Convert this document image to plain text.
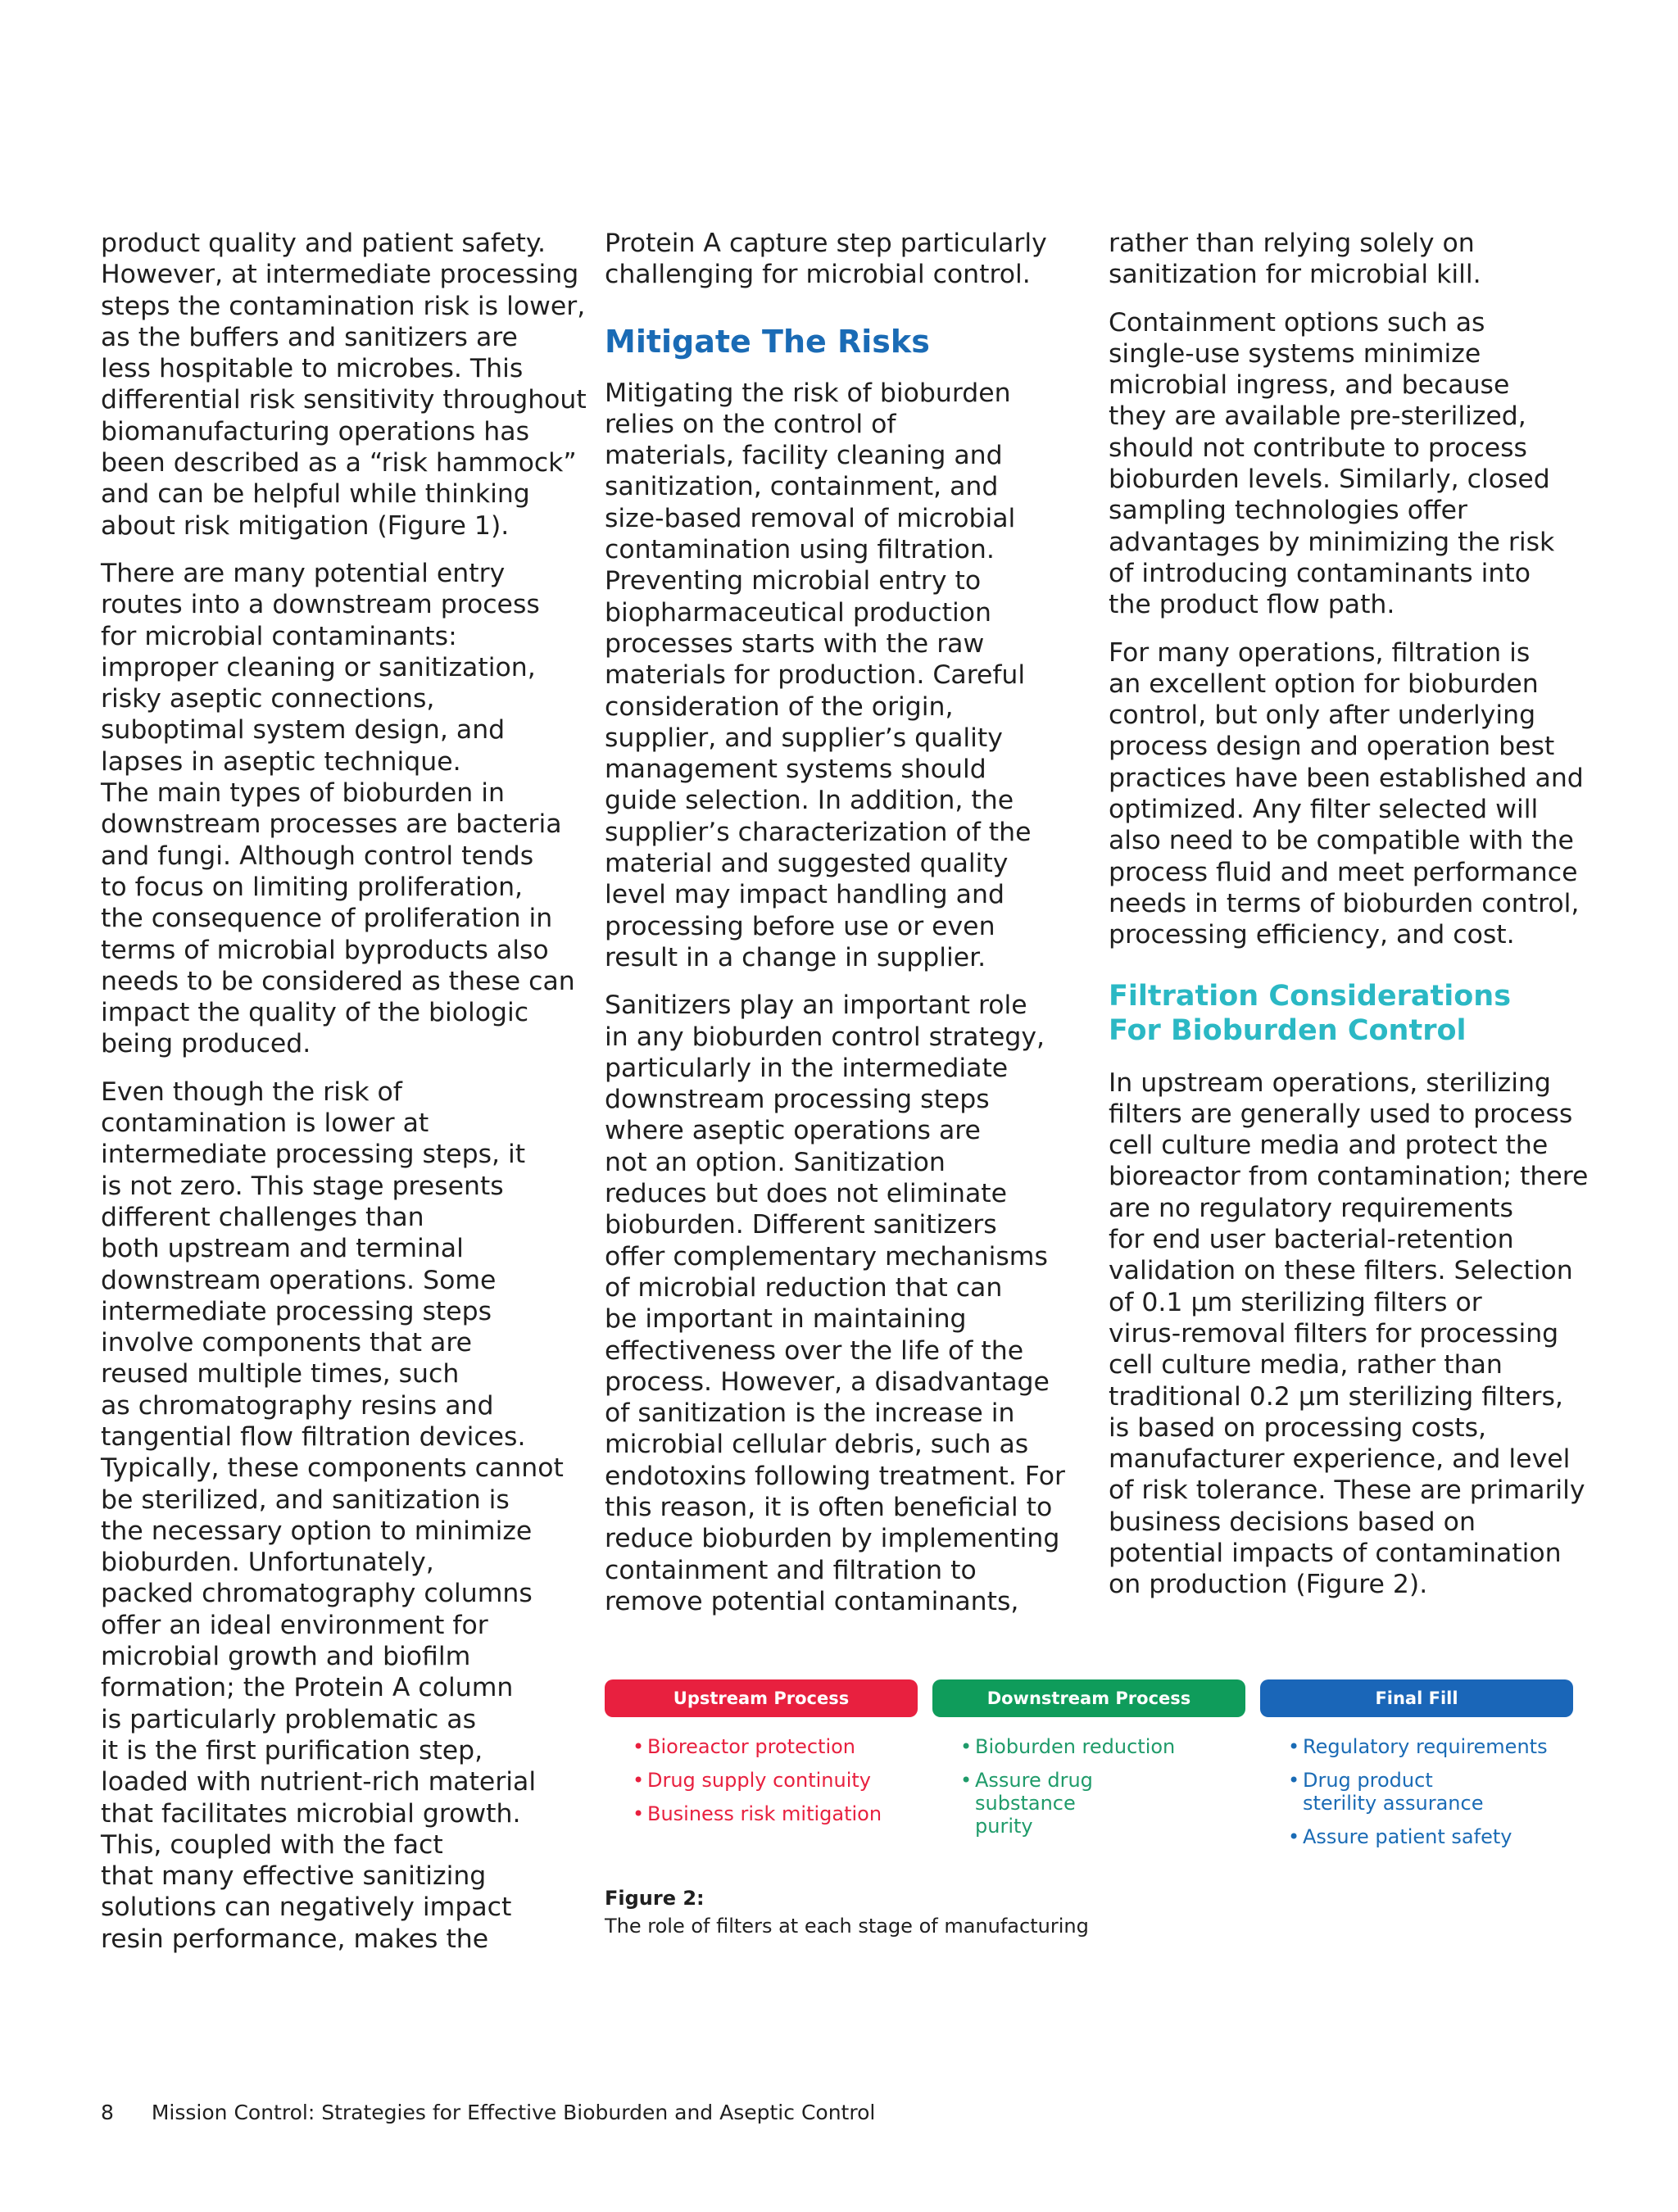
product quality and patient safety.
However, at intermediate processing
steps the contamination risk is lower,
as the buffers and sanitizers are
less hospitable to microbes. This
differential risk sensitivity throughout
biomanufacturing operations has
been described as a “risk hammock”
and can be helpful while thinking
about risk mitigation (Figure 1).

There are many potential entry
routes into a downstream process
for microbial contaminants:
improper cleaning or sanitization,
risky aseptic connections,
suboptimal system design, and
lapses in aseptic technique.
The main types of bioburden in
downstream processes are bacteria
and fungi. Although control tends
to focus on limiting proliferation,
the consequence of proliferation in
terms of microbial byproducts also
needs to be considered as these can
impact the quality of the biologic
being produced.

Even though the risk of
contamination is lower at
intermediate processing steps, it
is not zero. This stage presents
different challenges than
both upstream and terminal
downstream operations. Some
intermediate processing steps
involve components that are
reused multiple times, such
as chromatography resins and
tangential flow filtration devices.
Typically, these components cannot
be sterilized, and sanitization is
the necessary option to minimize
bioburden. Unfortunately,
packed chromatography columns
offer an ideal environment for
microbial growth and biofilm
formation; the Protein A column
is particularly problematic as
it is the first purification step,
loaded with nutrient-rich material
that facilitates microbial growth.
This, coupled with the fact
that many effective sanitizing
solutions can negatively impact
resin performance, makes the

Protein A capture step particularly
challenging for microbial control.

Mitigate The Risks

Mitigating the risk of bioburden
relies on the control of
materials, facility cleaning and
sanitization, containment, and
size-based removal of microbial
contamination using filtration.
Preventing microbial entry to
biopharmaceutical production
processes starts with the raw
materials for production. Careful
consideration of the origin,
supplier, and supplier’s quality
management systems should
guide selection. In addition, the
supplier’s characterization of the
material and suggested quality
level may impact handling and
processing before use or even
result in a change in supplier.

Sanitizers play an important role
in any bioburden control strategy,
particularly in the intermediate
downstream processing steps
where aseptic operations are
not an option. Sanitization
reduces but does not eliminate
bioburden. Different sanitizers
offer complementary mechanisms
of microbial reduction that can
be important in maintaining
effectiveness over the life of the
process. However, a disadvantage
of sanitization is the increase in
microbial cellular debris, such as
endotoxins following treatment. For
this reason, it is often beneficial to
reduce bioburden by implementing
containment and filtration to
remove potential contaminants,

rather than relying solely on
sanitization for microbial kill.

Containment options such as
single-use systems minimize
microbial ingress, and because
they are available pre-sterilized,
should not contribute to process
bioburden levels. Similarly, closed
sampling technologies offer
advantages by minimizing the risk
of introducing contaminants into
the product flow path.

For many operations, filtration is
an excellent option for bioburden
control, but only after underlying
process design and operation best
practices have been established and
optimized. Any filter selected will
also need to be compatible with the
process fluid and meet performance
needs in terms of bioburden control,
processing efficiency, and cost.

Filtration Considerations
For Bioburden Control

In upstream operations, sterilizing
filters are generally used to process
cell culture media and protect the
bioreactor from contamination; there
are no regulatory requirements
for end user bacterial-retention
validation on these filters. Selection
of 0.1 µm sterilizing filters or
virus-removal filters for processing
cell culture media, rather than
traditional 0.2 µm sterilizing filters,
is based on processing costs,
manufacturer experience, and level
of risk tolerance. These are primarily
business decisions based on
potential impacts of contamination
on production (Figure 2).

Upstream Process
• Bioreactor protection
• Drug supply continuity
• Business risk mitigation
Downstream Process
• Bioburden reduction
• Assure drug substance purity
Final Fill
• Regulatory requirements
• Drug product sterility assurance
• Assure patient safety
Figure 2:
The role of filters at each stage of manufacturing
8 Mission Control: Strategies for Effective Bioburden and Aseptic Control
